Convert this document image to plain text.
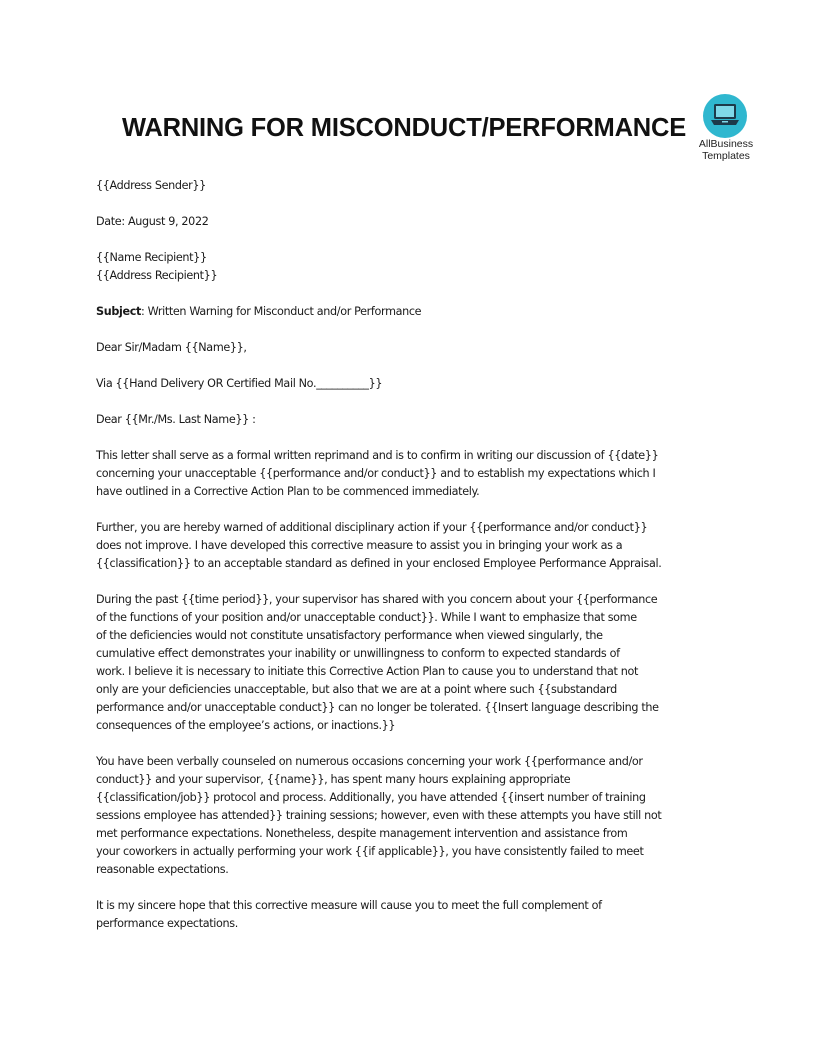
WARNING FOR MISCONDUCT/PERFORMANCE
AllBusiness
Templates

{{Address Sender}}

Date: August 9, 2022

{{Name Recipient}}

{{Address Recipient}}

Subject: Written Warning for Misconduct and/or Performance

Dear Sir/Madam {{Name}},

Via {{Hand Delivery OR Certified Mail No.__________}}

Dear {{Mr./Ms. Last Name}} :

This letter shall serve as a formal written reprimand and is to confirm in writing our discussion of {{date}}
concerning your unacceptable {{performance and/or conduct}} and to establish my expectations which I
have outlined in a Corrective Action Plan to be commenced immediately.
Further, you are hereby warned of additional disciplinary action if your {{performance and/or conduct}}
does not improve. I have developed this corrective measure to assist you in bringing your work as a
{{classification}} to an acceptable standard as defined in your enclosed Employee Performance Appraisal.
During the past {{time period}}, your supervisor has shared with you concern about your {{performance
of the functions of your position and/or unacceptable conduct}}. While I want to emphasize that some
of the deficiencies would not constitute unsatisfactory performance when viewed singularly, the
cumulative effect demonstrates your inability or unwillingness to conform to expected standards of
work. I believe it is necessary to initiate this Corrective Action Plan to cause you to understand that not
only are your deficiencies unacceptable, but also that we are at a point where such {{substandard
performance and/or unacceptable conduct}} can no longer be tolerated. {{Insert language describing the
consequences of the employee’s actions, or inactions.}}
You have been verbally counseled on numerous occasions concerning your work {{performance and/or
conduct}} and your supervisor, {{name}}, has spent many hours explaining appropriate
{{classification/job}} protocol and process. Additionally, you have attended {{insert number of training
sessions employee has attended}} training sessions; however, even with these attempts you have still not
met performance expectations. Nonetheless, despite management intervention and assistance from
your coworkers in actually performing your work {{if applicable}}, you have consistently failed to meet
reasonable expectations.
It is my sincere hope that this corrective measure will cause you to meet the full complement of
performance expectations.
